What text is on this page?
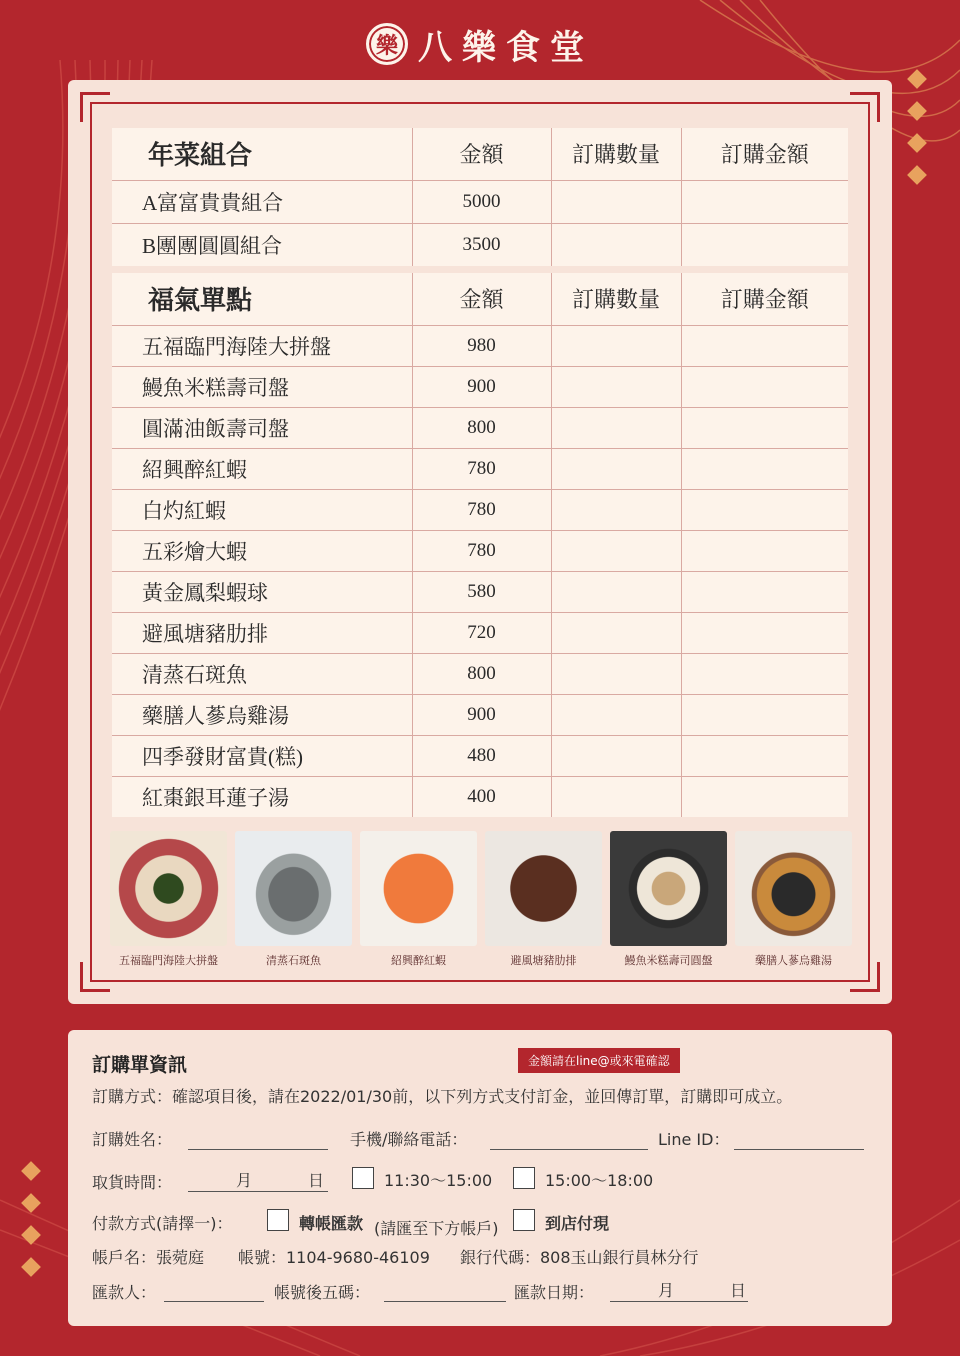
樂 八樂食堂
年菜組合	金額	訂購數量	訂購金額
A富富貴貴組合	5000		
B團團圓圓組合	3500		

福氣單點	金額	訂購數量	訂購金額
五福臨門海陸大拼盤	980		
鰻魚米糕壽司盤	900		
圓滿油飯壽司盤	800		
紹興醉紅蝦	780		
白灼紅蝦	780		
五彩燴大蝦	780		
黃金鳳梨蝦球	580		
避風塘豬肋排	720		
清蒸石斑魚	800		
藥膳人蔘烏雞湯	900		
四季發財富貴(糕)	480		
紅棗銀耳蓮子湯	400		
五福臨門海陸大拼盤	清蒸石斑魚	紹興醉紅蝦	避風塘豬肋排	鰻魚米糕壽司圓盤	藥膳人蔘烏雞湯
訂購單資訊	金額請在line@或來電確認
訂購方式：確認項目後，請在2022/01/30前，以下列方式支付訂金，並回傳訂單，訂購即可成立。
訂購姓名：	手機/聯絡電話：	Line ID：
取貨時間：	月	日	11:30～15:00	15:00～18:00
付款方式(請擇一)：	轉帳匯款 (請匯至下方帳戶)	到店付現
帳戶名：張菀庭 帳號：1104-9680-46109 銀行代碼：808玉山銀行員林分行
匯款人：	帳號後五碼：	匯款日期：	月	日
